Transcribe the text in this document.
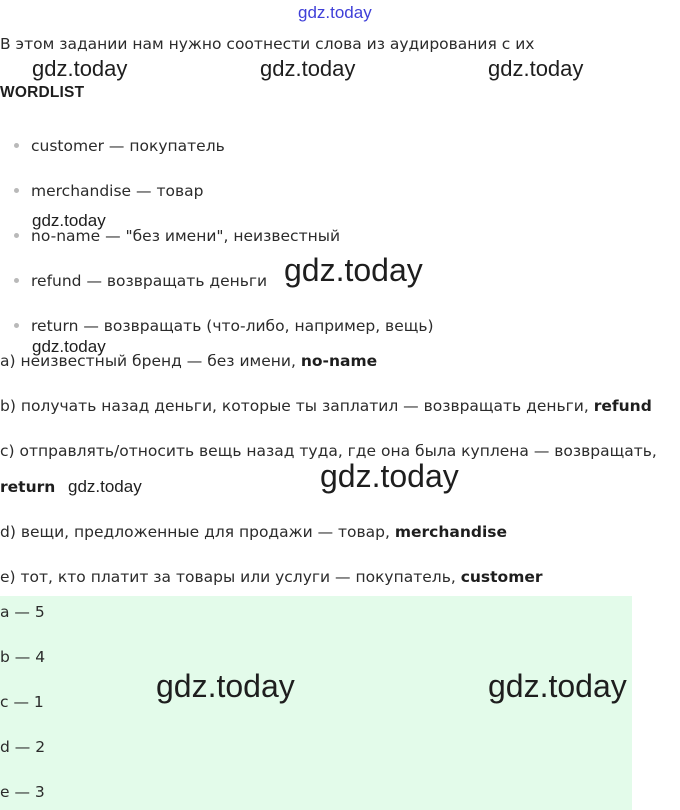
gdz.today
gdz.today	gdz.today	gdz.today
gdz.today
gdz.today
gdz.today
gdz.today
gdz.today
В этом задании нам нужно соотнести слова из аудирования с их
WORDLIST
customer — покупатель
merchandise — товар
no-name — "без имени", неизвестный
refund — возвращать деньги
return — возвращать (что-либо, например, вещь)
a) неизвестный бренд — без имени, no-name
b) получать назад деньги, которые ты заплатил — возвращать деньги, refund
c) отправлять/относить вещь назад туда, где она была куплена — возвращать,
return
d) вещи, предложенные для продажи — товар, merchandise
e) тот, кто платит за товары или услуги — покупатель, customer
a — 5
b — 4
c — 1
d — 2
e — 3
gdz.today	gdz.today
